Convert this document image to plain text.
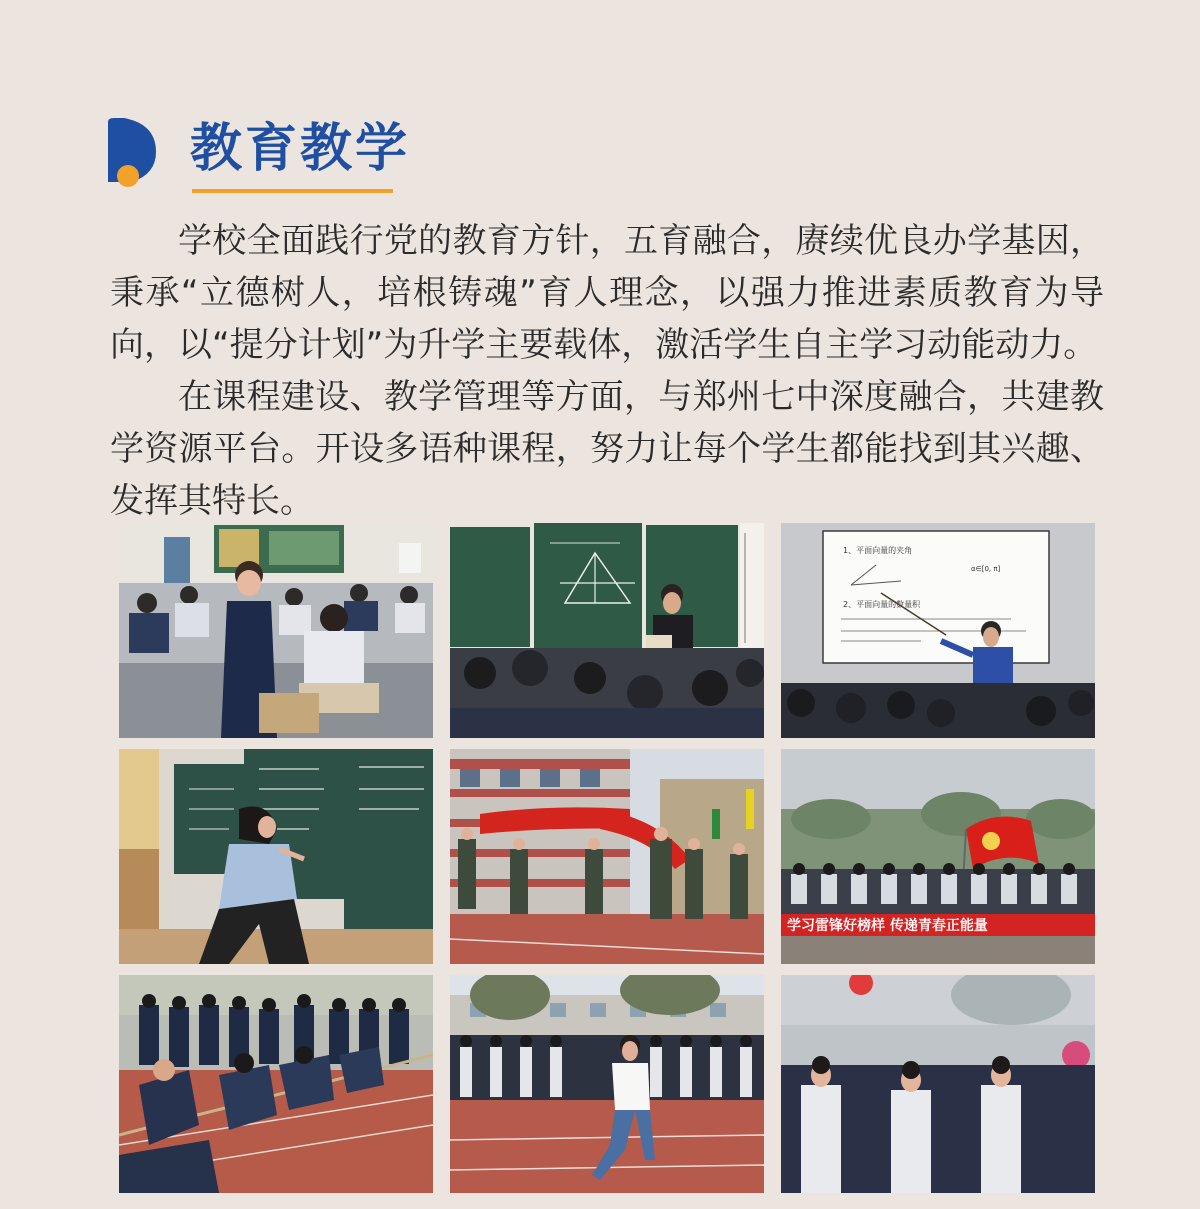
教育教学

学校全面践行党的教育方针，五育融合，赓续优良办学基因，秉承“立德树人，培根铸魂”育人理念，以强力推进素质教育为导向，以“提分计划”为升学主要载体，激活学生自主学习动能动力。

在课程建设、教学管理等方面，与郑州七中深度融合，共建教学资源平台。开设多语种课程，努力让每个学生都能找到其兴趣、发挥其特长。

1、平面向量的夹角
α∈[0, π]
2、平面向量的数量积
学习雷锋好榜样 传递青春正能量
